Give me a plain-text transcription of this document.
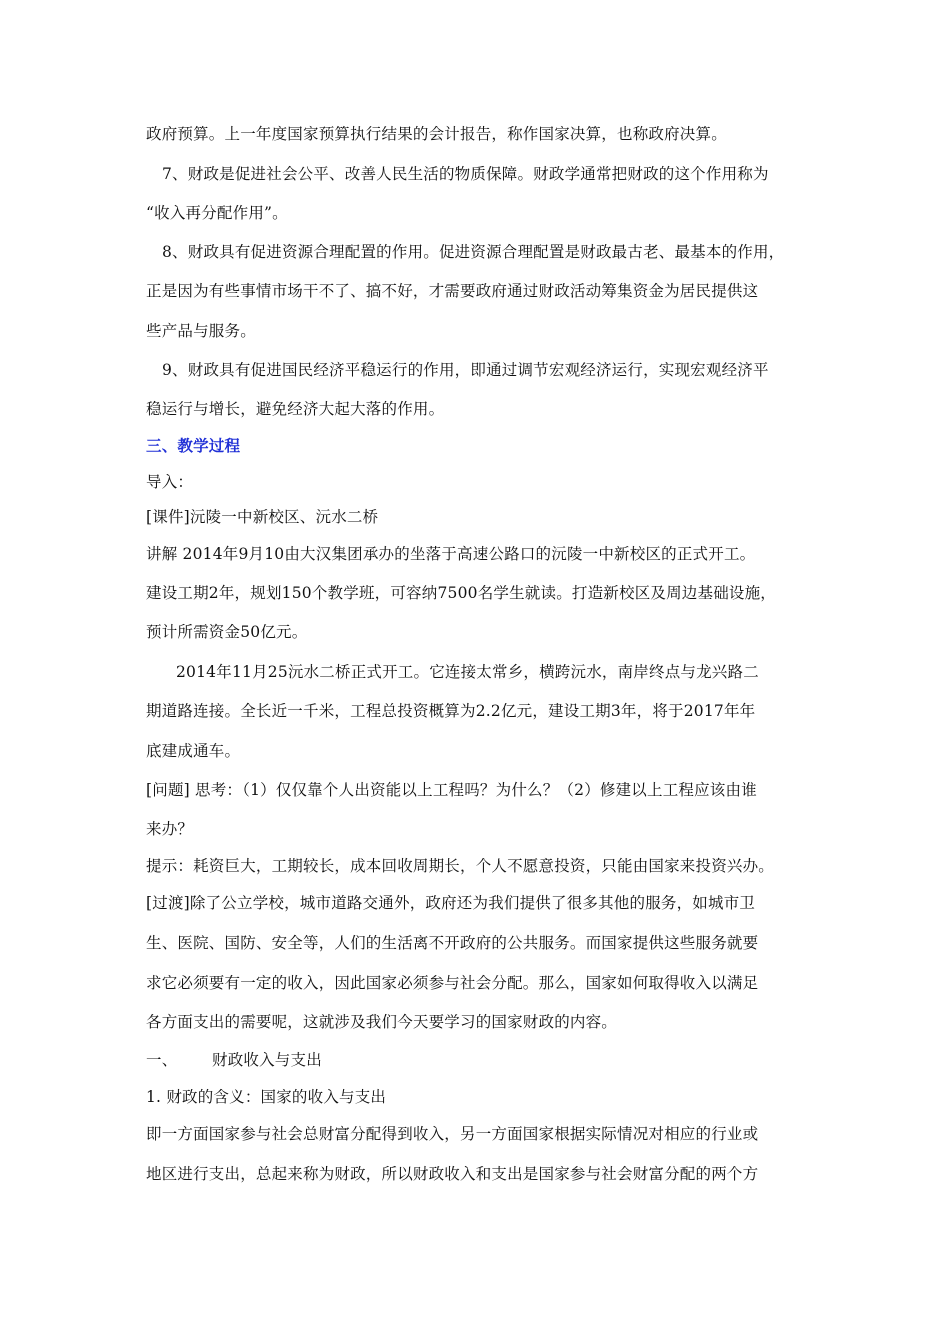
政府预算。上一年度国家预算执行结果的会计报告，称作国家决算，也称政府决算。
7、财政是促进社会公平、改善人民生活的物质保障。财政学通常把财政的这个作用称为
“收入再分配作用”。
8、财政具有促进资源合理配置的作用。促进资源合理配置是财政最古老、最基本的作用，
正是因为有些事情市场干不了、搞不好，才需要政府通过财政活动筹集资金为居民提供这
些产品与服务。
9、财政具有促进国民经济平稳运行的作用，即通过调节宏观经济运行，实现宏观经济平
稳运行与增长，避免经济大起大落的作用。
三、教学过程
导入：
[课件]沅陵一中新校区、沅水二桥
讲解 2014年9月10由大汉集团承办的坐落于高速公路口的沅陵一中新校区的正式开工。
建设工期2年，规划150个教学班，可容纳7500名学生就读。打造新校区及周边基础设施，
预计所需资金50亿元。
2014年11月25沅水二桥正式开工。它连接太常乡，横跨沅水，南岸终点与龙兴路二
期道路连接。全长近一千米，工程总投资概算为2.2亿元，建设工期3年，将于2017年年
底建成通车。
[问题] 思考：（1）仅仅靠个人出资能以上工程吗？为什么？（2）修建以上工程应该由谁
来办？
提示：耗资巨大，工期较长，成本回收周期长，个人不愿意投资，只能由国家来投资兴办。
[过渡]除了公立学校，城市道路交通外，政府还为我们提供了很多其他的服务，如城市卫
生、医院、国防、安全等，人们的生活离不开政府的公共服务。而国家提供这些服务就要
求它必须要有一定的收入，因此国家必须参与社会分配。那么，国家如何取得收入以满足
各方面支出的需要呢，这就涉及我们今天要学习的国家财政的内容。
一、 财政收入与支出
1. 财政的含义：国家的收入与支出
即一方面国家参与社会总财富分配得到收入，另一方面国家根据实际情况对相应的行业或
地区进行支出，总起来称为财政，所以财政收入和支出是国家参与社会财富分配的两个方
